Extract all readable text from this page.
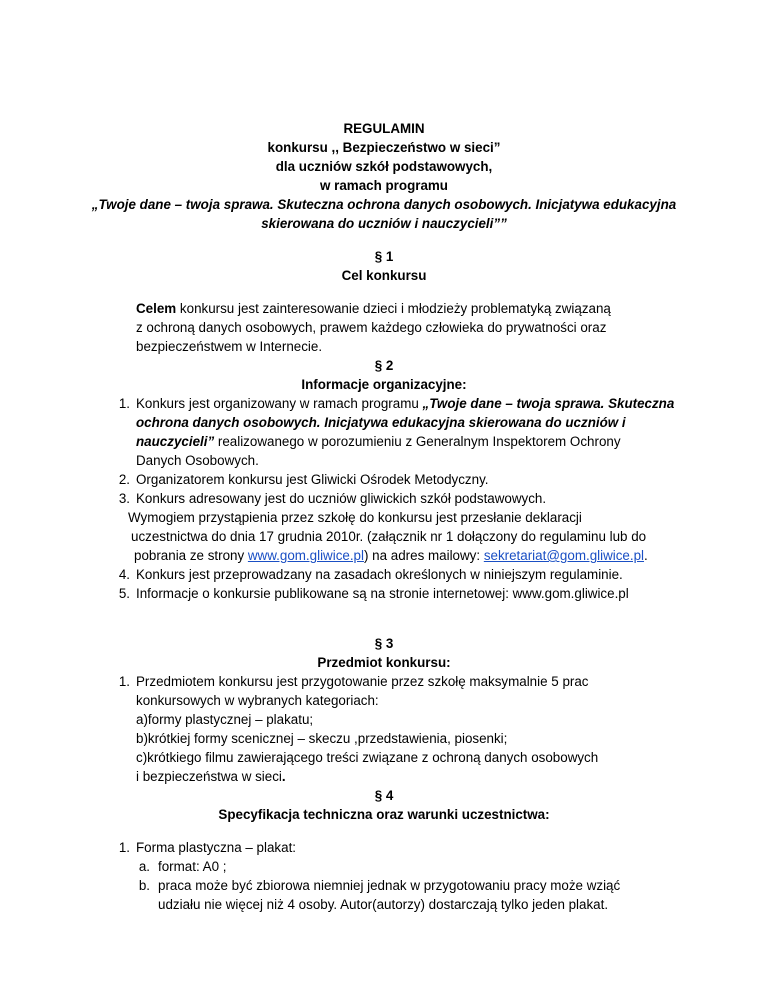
REGULAMIN
konkursu ,, Bezpieczeństwo w sieci”
dla uczniów szkół podstawowych,
w ramach programu
„Twoje dane – twoja sprawa. Skuteczna ochrona danych osobowych. Inicjatywa edukacyjna
skierowana do uczniów i nauczycieli””
§ 1
Cel konkursu
Celem konkursu jest zainteresowanie dzieci i młodzieży problematyką związaną
z ochroną danych osobowych, prawem każdego człowieka do prywatności oraz
bezpieczeństwem w Internecie.
§ 2
Informacje organizacyjne:
1. Konkurs jest organizowany w ramach programu „Twoje dane – twoja sprawa. Skuteczna
ochrona danych osobowych. Inicjatywa edukacyjna skierowana do uczniów i
nauczycieli” realizowanego w porozumieniu z Generalnym Inspektorem Ochrony
Danych Osobowych.
2. Organizatorem konkursu jest Gliwicki Ośrodek Metodyczny.
3. Konkurs adresowany jest do uczniów gliwickich szkół podstawowych.
Wymogiem przystąpienia przez szkołę do konkursu jest przesłanie deklaracji
uczestnictwa do dnia 17 grudnia 2010r. (załącznik nr 1 dołączony do regulaminu lub do
pobrania ze strony www.gom.gliwice.pl) na adres mailowy: sekretariat@gom.gliwice.pl.
4. Konkurs jest przeprowadzany na zasadach określonych w niniejszym regulaminie.
5. Informacje o konkursie publikowane są na stronie internetowej: www.gom.gliwice.pl
§ 3
Przedmiot konkursu:
1. Przedmiotem konkursu jest przygotowanie przez szkołę maksymalnie 5 prac
konkursowych w wybranych kategoriach:
a)formy plastycznej – plakatu;
b)krótkiej formy scenicznej – skeczu ,przedstawienia, piosenki;
c)krótkiego filmu zawierającego treści związane z ochroną danych osobowych
i bezpieczeństwa w sieci.
§ 4
Specyfikacja techniczna oraz warunki uczestnictwa:
1. Forma plastyczna – plakat:
a. format: A0 ;
b. praca może być zbiorowa niemniej jednak w przygotowaniu pracy może wziąć
udziału nie więcej niż 4 osoby. Autor(autorzy) dostarczają tylko jeden plakat.
